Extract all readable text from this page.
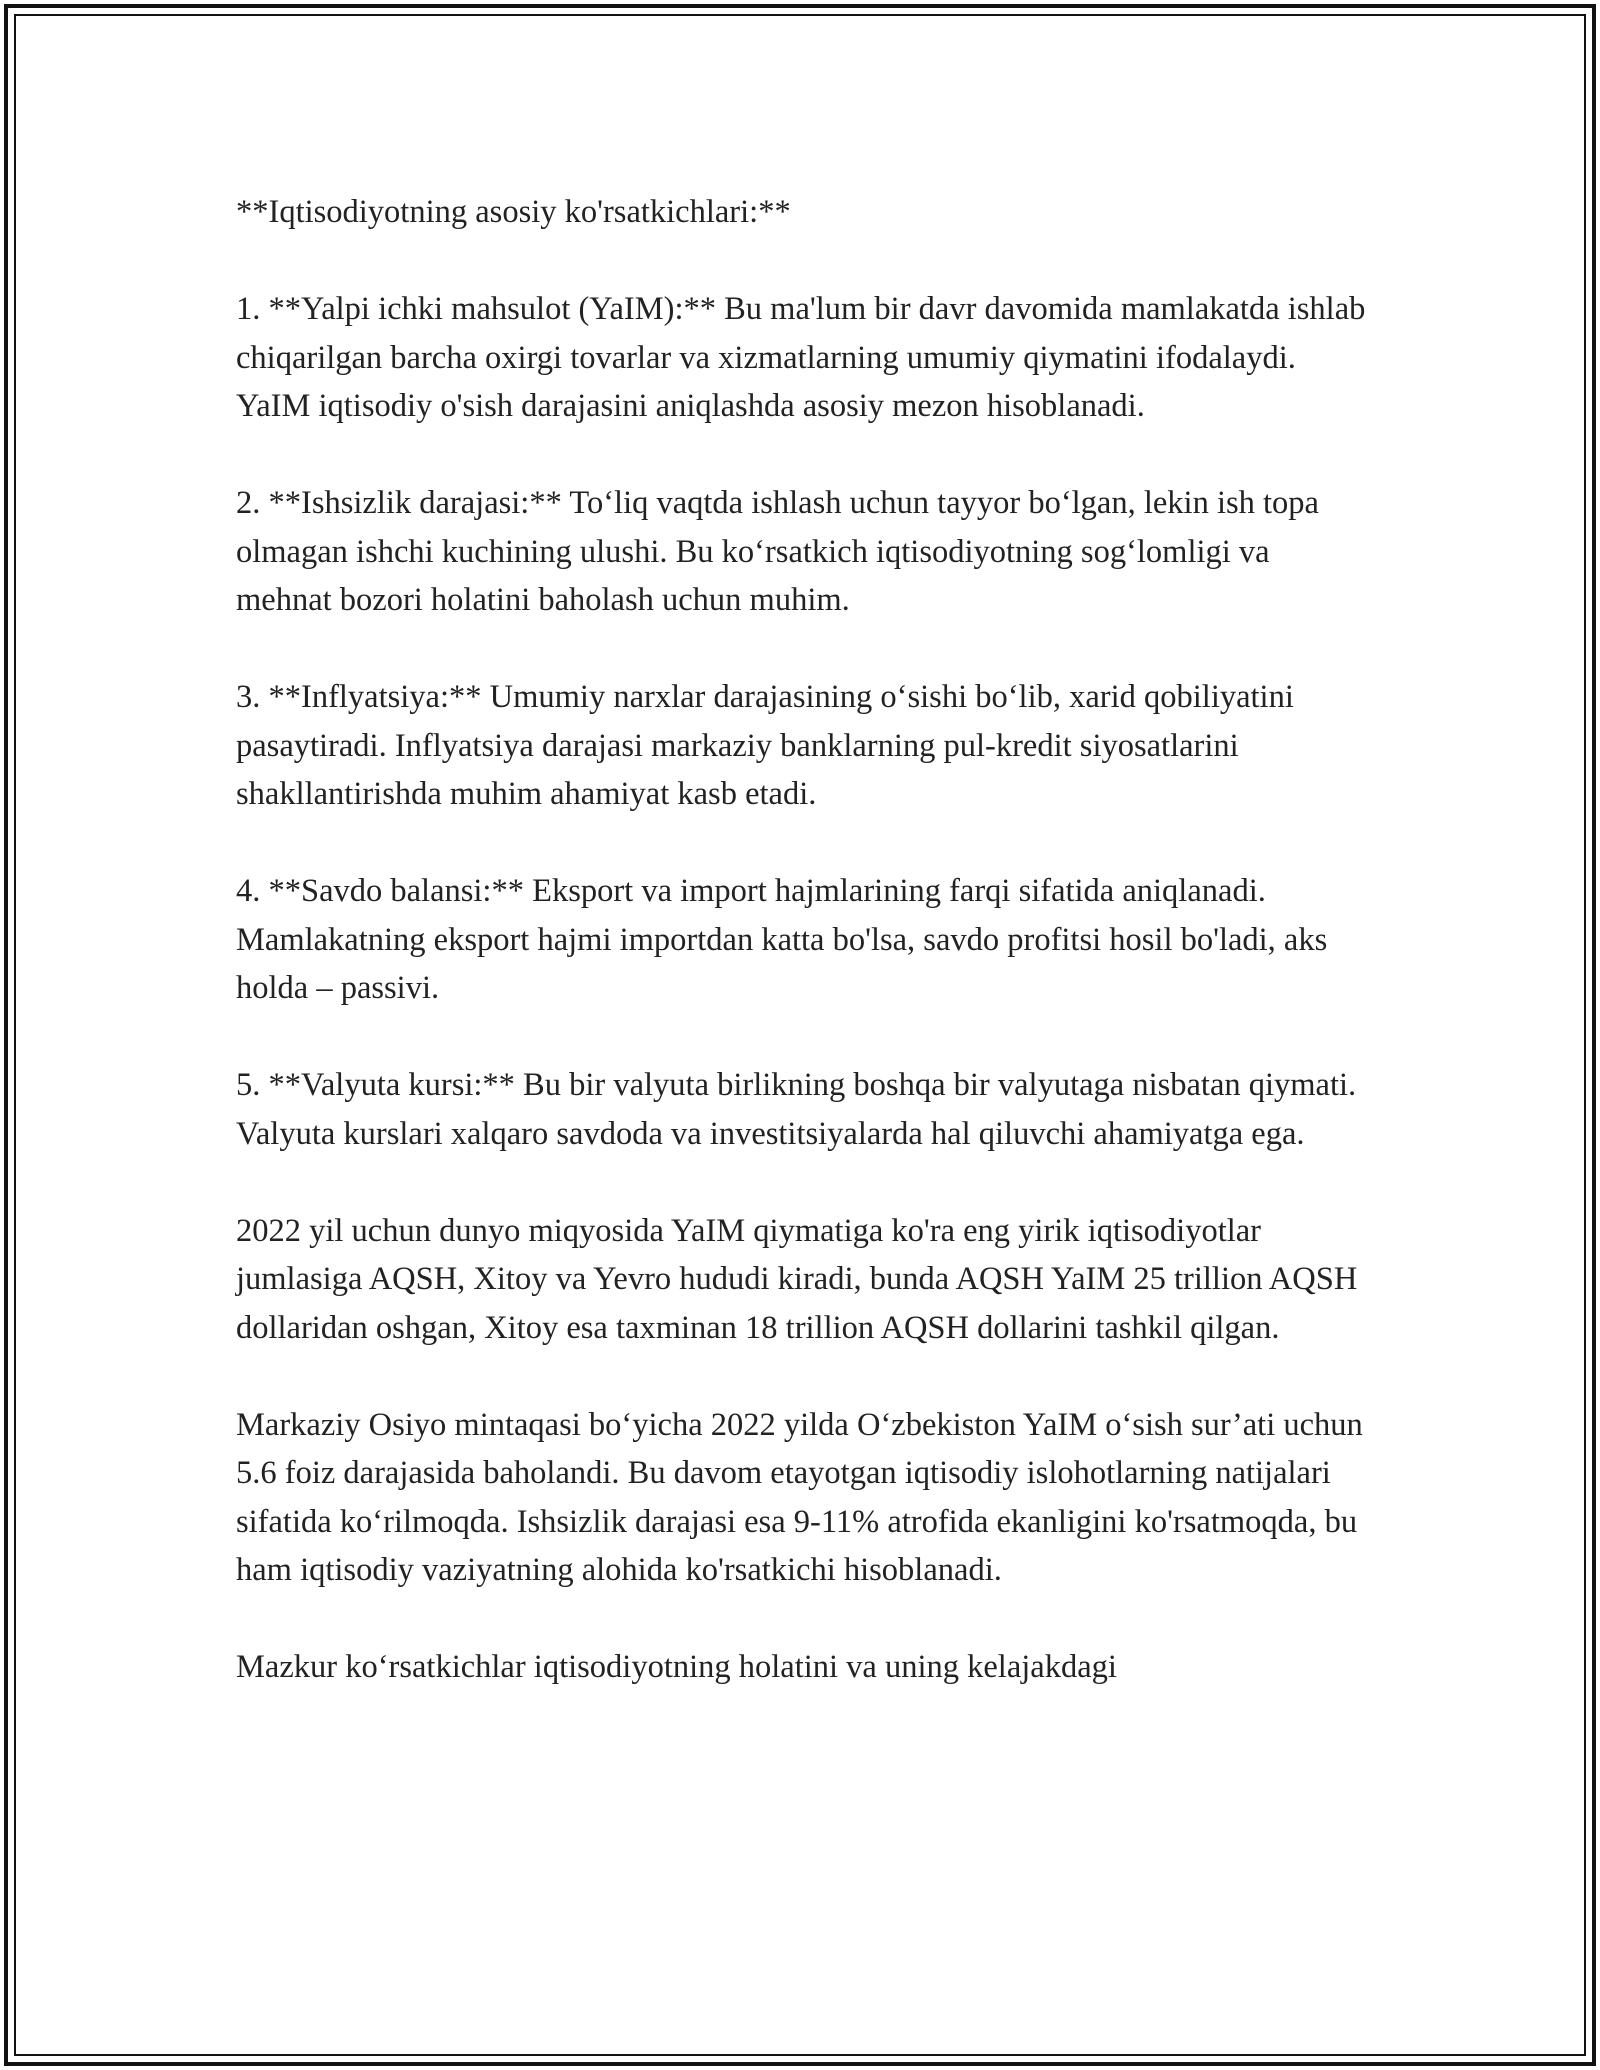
**Iqtisodiyotning asosiy ko'rsatkichlari:**

1. **Yalpi ichki mahsulot (YaIM):** Bu ma'lum bir davr davomida mamlakatda ishlab chiqarilgan barcha oxirgi tovarlar va xizmatlarning umumiy qiymatini ifodalaydi. YaIM iqtisodiy o'sish darajasini aniqlashda asosiy mezon hisoblanadi.

2. **Ishsizlik darajasi:** To‘liq vaqtda ishlash uchun tayyor bo‘lgan, lekin ish topa olmagan ishchi kuchining ulushi. Bu ko‘rsatkich iqtisodiyotning sog‘lomligi va mehnat bozori holatini baholash uchun muhim.

3. **Inflyatsiya:** Umumiy narxlar darajasining o‘sishi bo‘lib, xarid qobiliyatini pasaytiradi. Inflyatsiya darajasi markaziy banklarning pul-kredit siyosatlarini shakllantirishda muhim ahamiyat kasb etadi.

4. **Savdo balansi:** Eksport va import hajmlarining farqi sifatida aniqlanadi. Mamlakatning eksport hajmi importdan katta bo'lsa, savdo profitsi hosil bo'ladi, aks holda – passivi.

5. **Valyuta kursi:** Bu bir valyuta birlikning boshqa bir valyutaga nisbatan qiymati. Valyuta kurslari xalqaro savdoda va investitsiyalarda hal qiluvchi ahamiyatga ega.

2022 yil uchun dunyo miqyosida YaIM qiymatiga ko'ra eng yirik iqtisodiyotlar jumlasiga AQSH, Xitoy va Yevro hududi kiradi, bunda AQSH YaIM 25 trillion AQSH dollaridan oshgan, Xitoy esa taxminan 18 trillion AQSH dollarini tashkil qilgan.

Markaziy Osiyo mintaqasi bo‘yicha 2022 yilda O‘zbekiston YaIM o‘sish sur’ati uchun 5.6 foiz darajasida baholandi. Bu davom etayotgan iqtisodiy islohotlarning natijalari sifatida ko‘rilmoqda. Ishsizlik darajasi esa 9-11% atrofida ekanligini ko'rsatmoqda, bu ham iqtisodiy vaziyatning alohida ko'rsatkichi hisoblanadi.

Mazkur ko‘rsatkichlar iqtisodiyotning holatini va uning kelajakdagi
